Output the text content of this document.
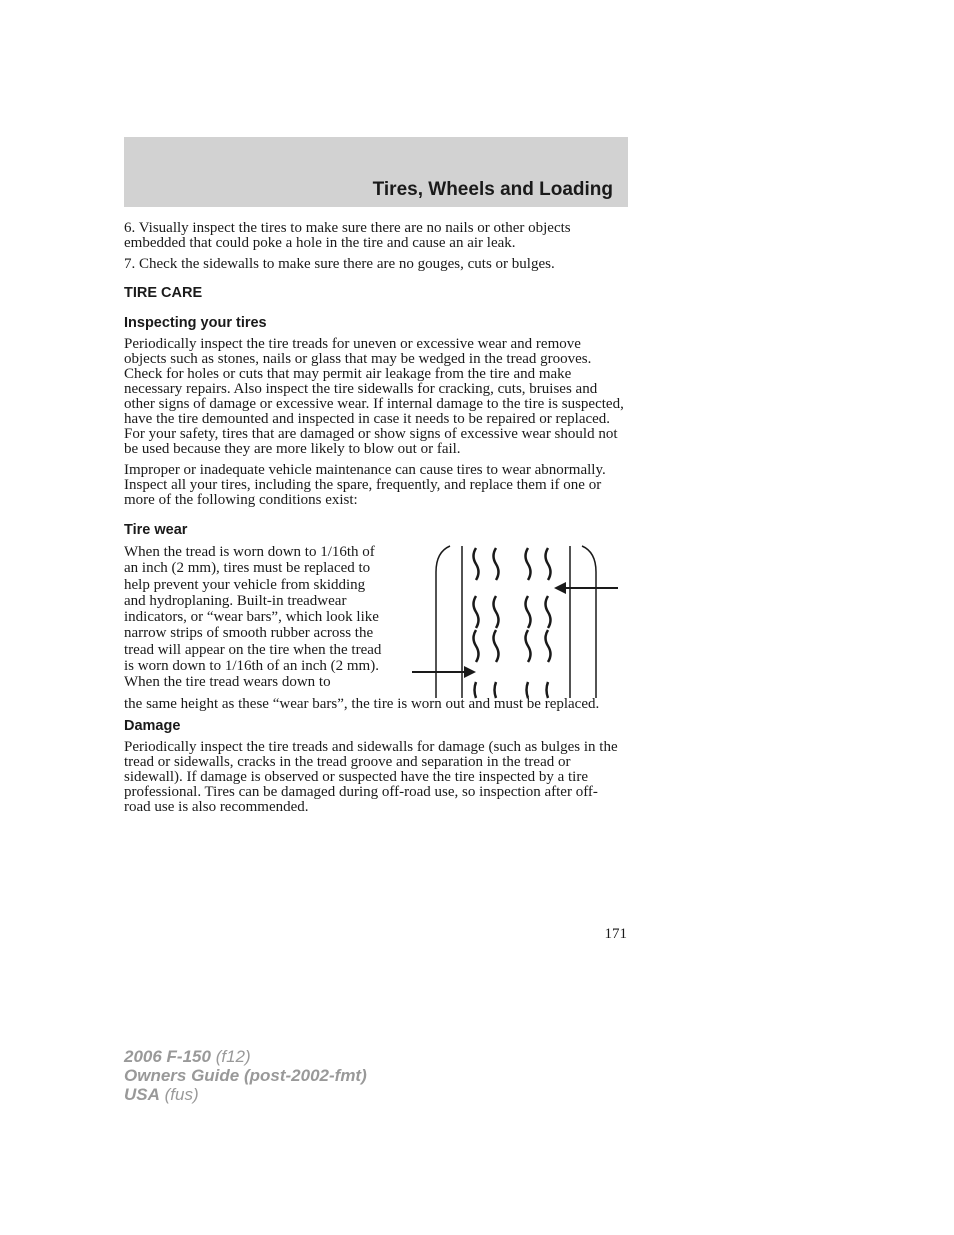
Tires, Wheels and Loading

6. Visually inspect the tires to make sure there are no nails or other objects embedded that could poke a hole in the tire and cause an air leak.

7. Check the sidewalls to make sure there are no gouges, cuts or bulges.

TIRE CARE
Inspecting your tires

Periodically inspect the tire treads for uneven or excessive wear and remove objects such as stones, nails or glass that may be wedged in the tread grooves. Check for holes or cuts that may permit air leakage from the tire and make necessary repairs. Also inspect the tire sidewalls for cracking, cuts, bruises and other signs of damage or excessive wear. If internal damage to the tire is suspected, have the tire demounted and inspected in case it needs to be repaired or replaced. For your safety, tires that are damaged or show signs of excessive wear should not be used because they are more likely to blow out or fail.

Improper or inadequate vehicle maintenance can cause tires to wear abnormally. Inspect all your tires, including the spare, frequently, and replace them if one or more of the following conditions exist:

Tire wear

When the tread is worn down to 1/16th of an inch (2 mm), tires must be replaced to help prevent your vehicle from skidding and hydroplaning. Built-in treadwear indicators, or “wear bars”, which look like narrow strips of smooth rubber across the tread will appear on the tire when the tread is worn down to 1/16th of an inch (2 mm). When the tire tread wears down to

the same height as these “wear bars”, the tire is worn out and must be replaced.

Damage

Periodically inspect the tire treads and sidewalls for damage (such as bulges in the tread or sidewalls, cracks in the tread groove and separation in the tread or sidewall). If damage is observed or suspected have the tire inspected by a tire professional. Tires can be damaged during off-road use, so inspection after off-road use is also recommended.

171
2006 F-150 (f12)
Owners Guide (post-2002-fmt)
USA (fus)
